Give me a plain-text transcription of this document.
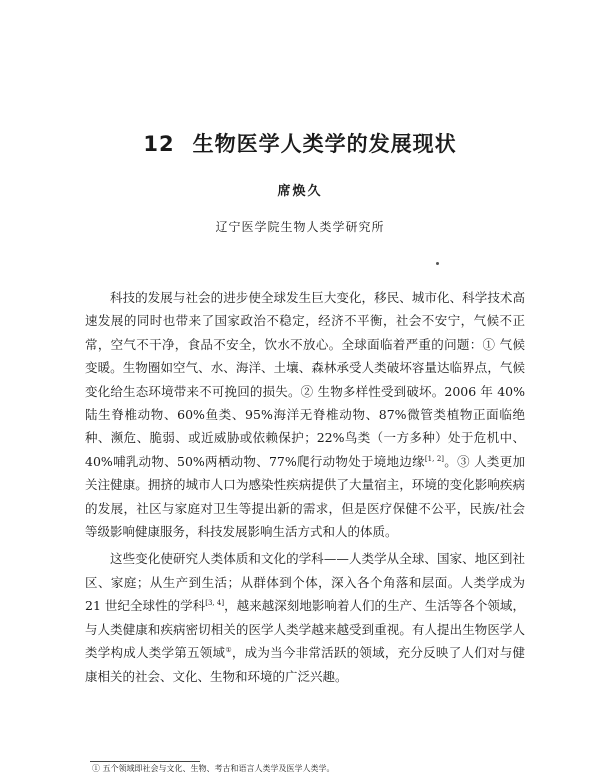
12 生物医学人类学的发展现状
席焕久
辽宁医学院生物人类学研究所

科技的发展与社会的进步使全球发生巨大变化，移民、城市化、科学技术高速发展的同时也带来了国家政治不稳定，经济不平衡，社会不安宁，气候不正常，空气不干净，食品不安全，饮水不放心。全球面临着严重的问题：① 气候变暖。生物圈如空气、水、海洋、土壤、森林承受人类破坏容量达临界点，气候变化给生态环境带来不可挽回的损失。② 生物多样性受到破坏。2006 年 40%陆生脊椎动物、60%鱼类、95%海洋无脊椎动物、87%微管类植物正面临绝种、濒危、脆弱、或近威胁或依赖保护；22%鸟类（一方多种）处于危机中、40%哺乳动物、50%两栖动物、77%爬行动物处于境地边缘[1, 2]。③ 人类更加关注健康。拥挤的城市人口为感染性疾病提供了大量宿主，环境的变化影响疾病的发展，社区与家庭对卫生等提出新的需求，但是医疗保健不公平，民族/社会等级影响健康服务，科技发展影响生活方式和人的体质。

这些变化使研究人类体质和文化的学科——人类学从全球、国家、地区到社区、家庭；从生产到生活；从群体到个体，深入各个角落和层面。人类学成为 21 世纪全球性的学科[3, 4]，越来越深刻地影响着人们的生产、生活等各个领域，与人类健康和疾病密切相关的医学人类学越来越受到重视。有人提出生物医学人类学构成人类学第五领域①，成为当今非常活跃的领域，充分反映了人们对与健康相关的社会、文化、生物和环境的广泛兴趣。

① 五个领域即社会与文化、生物、考古和语言人类学及医学人类学。
